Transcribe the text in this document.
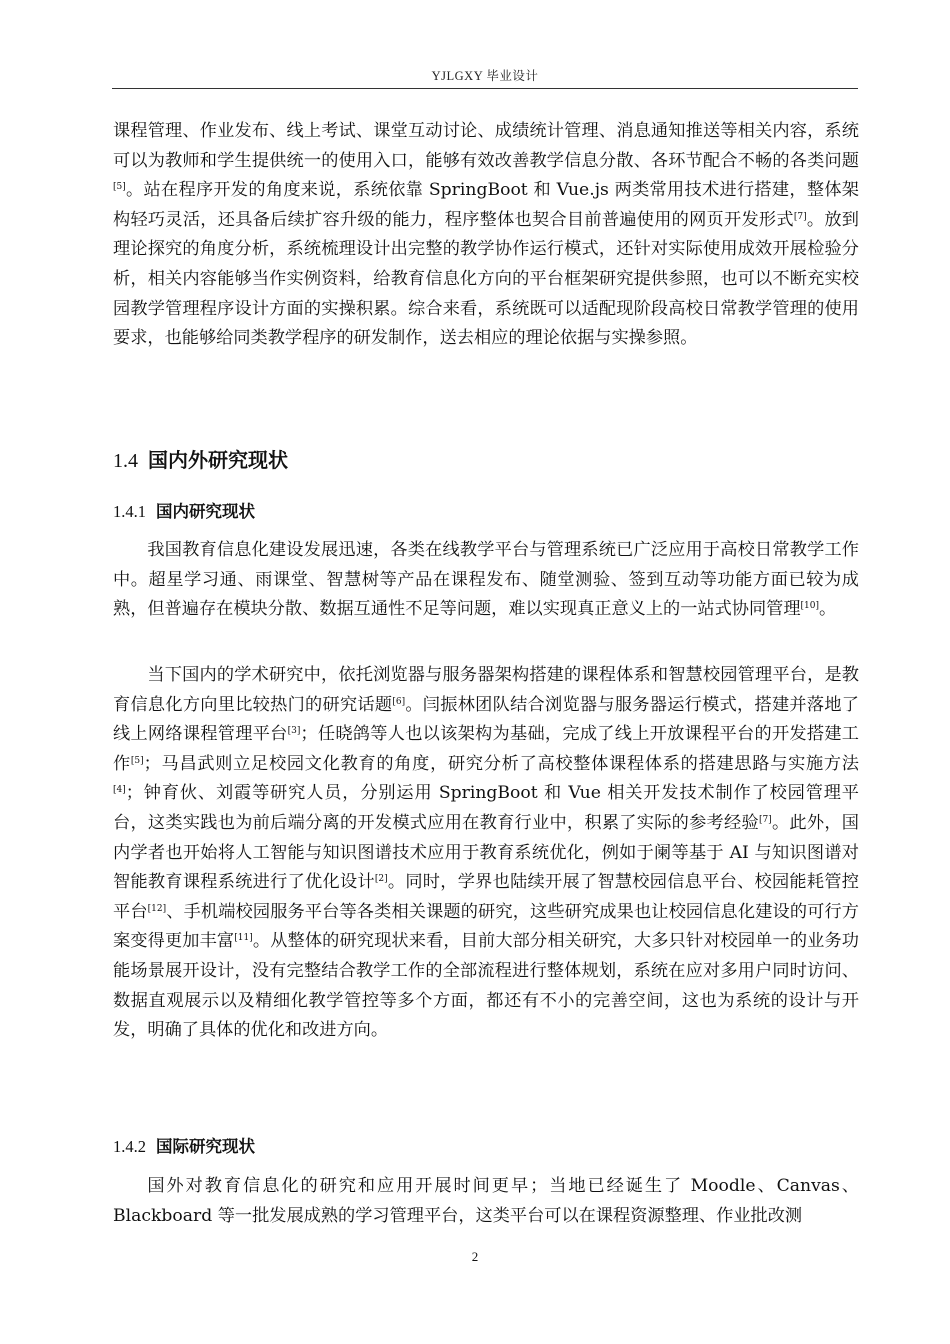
YJLGXY 毕业设计

课程管理、作业发布、线上考试、课堂互动讨论、成绩统计管理、消息通知推送等相关内容，系统可以为教师和学生提供统一的使用入口，能够有效改善教学信息分散、各环节配合不畅的各类问题[5]。站在程序开发的角度来说，系统依靠 SpringBoot 和 Vue.js 两类常用技术进行搭建，整体架构轻巧灵活，还具备后续扩容升级的能力，程序整体也契合目前普遍使用的网页开发形式[7]。放到理论探究的角度分析，系统梳理设计出完整的教学协作运行模式，还针对实际使用成效开展检验分析，相关内容能够当作实例资料，给教育信息化方向的平台框架研究提供参照，也可以不断充实校园教学管理程序设计方面的实操积累。综合来看，系统既可以适配现阶段高校日常教学管理的使用要求，也能够给同类教学程序的研发制作，送去相应的理论依据与实操参照。

1.4 国内外研究现状
1.4.1 国内研究现状

我国教育信息化建设发展迅速，各类在线教学平台与管理系统已广泛应用于高校日常教学工作中。超星学习通、雨课堂、智慧树等产品在课程发布、随堂测验、签到互动等功能方面已较为成熟，但普遍存在模块分散、数据互通性不足等问题，难以实现真正意义上的一站式协同管理[10]。

当下国内的学术研究中，依托浏览器与服务器架构搭建的课程体系和智慧校园管理平台，是教育信息化方向里比较热门的研究话题[6]。闫振林团队结合浏览器与服务器运行模式，搭建并落地了线上网络课程管理平台[3]；任晓鸽等人也以该架构为基础，完成了线上开放课程平台的开发搭建工作[5]；马昌武则立足校园文化教育的角度，研究分析了高校整体课程体系的搭建思路与实施方法[4]；钟育伙、刘霞等研究人员，分别运用 SpringBoot 和 Vue 相关开发技术制作了校园管理平台，这类实践也为前后端分离的开发模式应用在教育行业中，积累了实际的参考经验[7]。此外，国内学者也开始将人工智能与知识图谱技术应用于教育系统优化，例如于阑等基于 AI 与知识图谱对智能教育课程系统进行了优化设计[2]。同时，学界也陆续开展了智慧校园信息平台、校园能耗管控平台[12]、手机端校园服务平台等各类相关课题的研究，这些研究成果也让校园信息化建设的可行方案变得更加丰富[11]。从整体的研究现状来看，目前大部分相关研究，大多只针对校园单一的业务功能场景展开设计，没有完整结合教学工作的全部流程进行整体规划，系统在应对多用户同时访问、数据直观展示以及精细化教学管控等多个方面，都还有不小的完善空间，这也为系统的设计与开发，明确了具体的优化和改进方向。

1.4.2 国际研究现状

国外对教育信息化的研究和应用开展时间更早；当地已经诞生了 Moodle、Canvas、Blackboard 等一批发展成熟的学习管理平台，这类平台可以在课程资源整理、作业批改测

2
